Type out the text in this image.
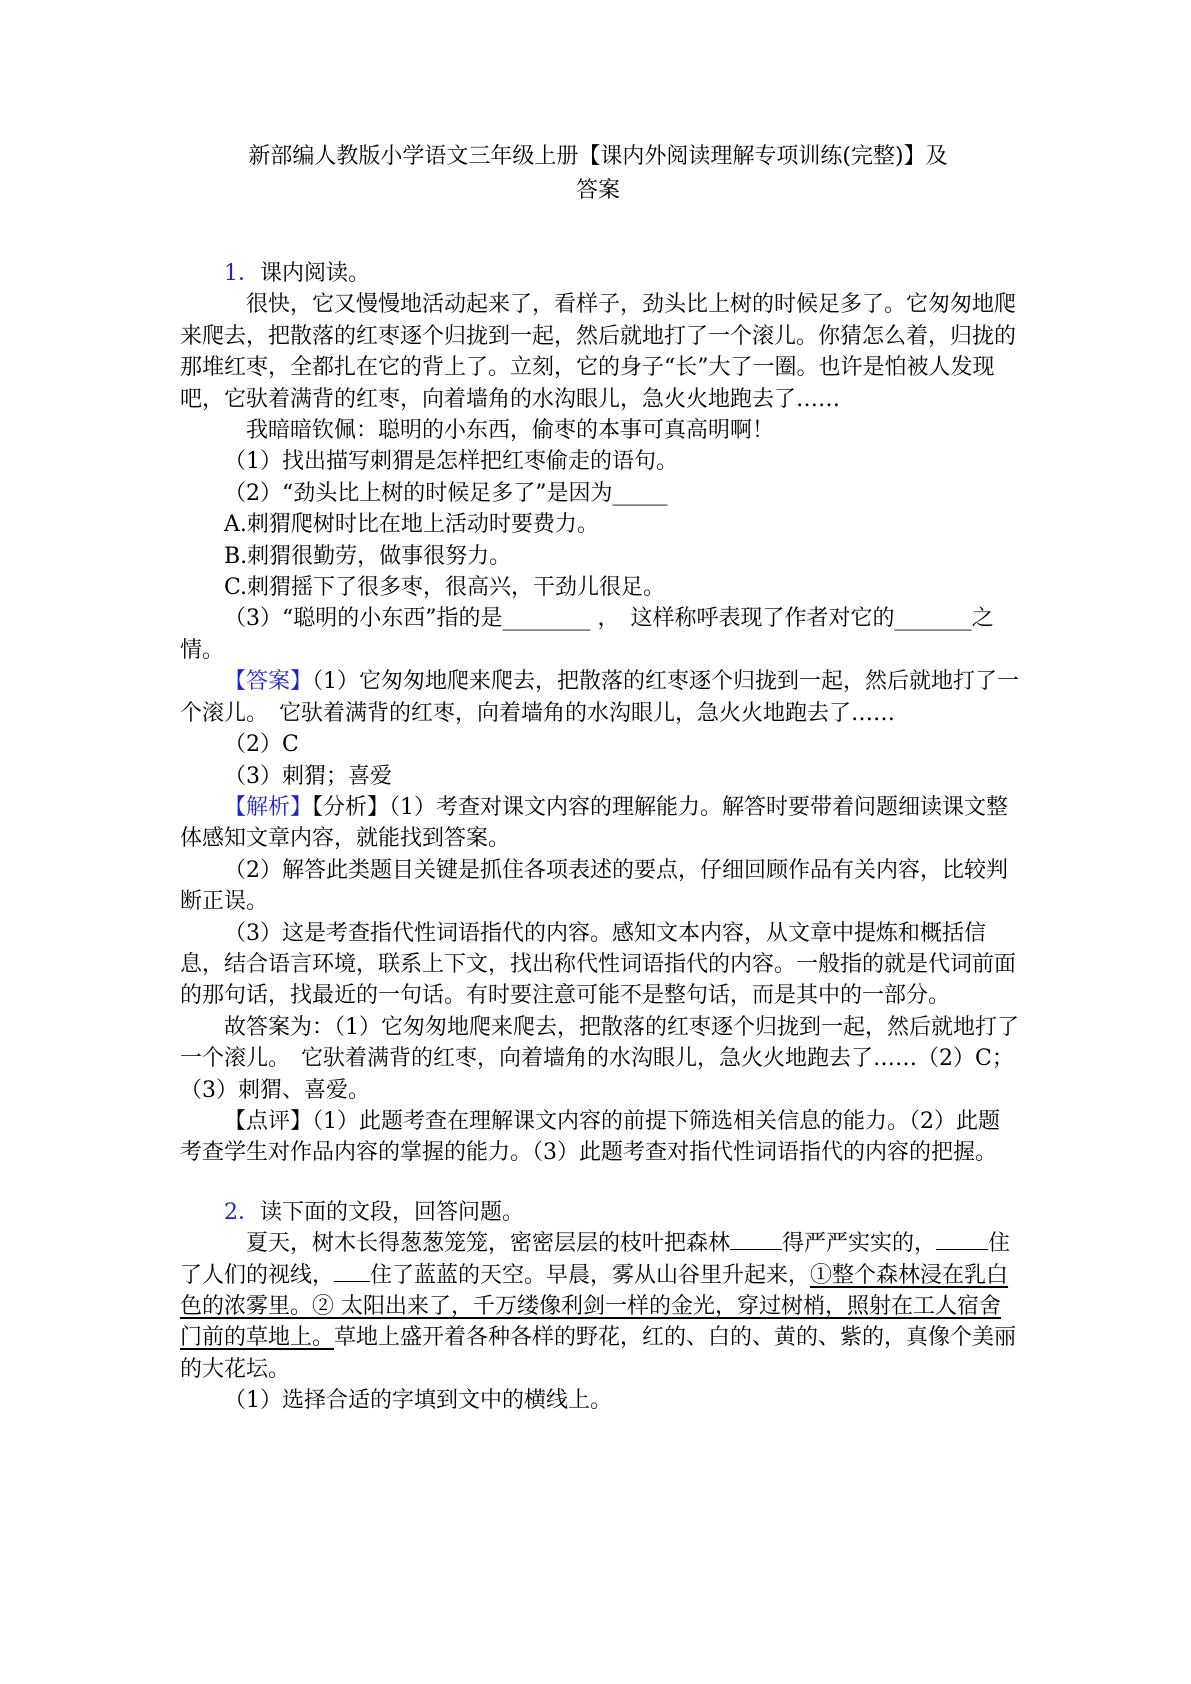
新部编人教版小学语文三年级上册【课内外阅读理解专项训练(完整)】及
答案

1．课内阅读。

很快，它又慢慢地活动起来了，看样子，劲头比上树的时候足多了。它匆匆地爬来爬去，把散落的红枣逐个归拢到一起，然后就地打了一个滚儿。你猜怎么着，归拢的那堆红枣，全都扎在它的背上了。立刻，它的身子“长”大了一圈。也许是怕被人发现吧，它驮着满背的红枣，向着墙角的水沟眼儿，急火火地跑去了……

我暗暗钦佩：聪明的小东西，偷枣的本事可真高明啊！

（1）找出描写刺猬是怎样把红枣偷走的语句。

（2）“劲头比上树的时候足多了”是因为_____

A.刺猬爬树时比在地上活动时要费力。

B.刺猬很勤劳，做事很努力。

C.刺猬摇下了很多枣，很高兴，干劲儿很足。

（3）“聪明的小东西”指的是________ ，　这样称呼表现了作者对它的_______之情。

【答案】（1）它匆匆地爬来爬去，把散落的红枣逐个归拢到一起，然后就地打了一个滚儿。　它驮着满背的红枣，向着墙角的水沟眼儿，急火火地跑去了……

（2）C

（3）刺猬；喜爱

【解析】【分析】（1）考查对课文内容的理解能力。解答时要带着问题细读课文整体感知文章内容，就能找到答案。

（2）解答此类题目关键是抓住各项表述的要点，仔细回顾作品有关内容，比较判断正误。

（3）这是考查指代性词语指代的内容。感知文本内容，从文章中提炼和概括信息，结合语言环境，联系上下文，找出称代性词语指代的内容。一般指的就是代词前面的那句话，找最近的一句话。有时要注意可能不是整句话，而是其中的一部分。

故答案为：（1）它匆匆地爬来爬去，把散落的红枣逐个归拢到一起，然后就地打了一个滚儿。　它驮着满背的红枣，向着墙角的水沟眼儿，急火火地跑去了……（2）C；（3）刺猬、喜爱。

【点评】（1）此题考查在理解课文内容的前提下筛选相关信息的能力。（2）此题考查学生对作品内容的掌握的能力。（3）此题考查对指代性词语指代的内容的把握。

2．读下面的文段，回答问题。

夏天，树木长得葱葱笼笼，密密层层的枝叶把森林 得严严实实的， 住了人们的视线， 住了蓝蓝的天空。早晨，雾从山谷里升起来，①整个森林浸在乳白色的浓雾里。② 太阳出来了，千万缕像利剑一样的金光，穿过树梢，照射在工人宿舍门前的草地上。草地上盛开着各种各样的野花，红的、白的、黄的、紫的，真像个美丽的大花坛。

（1）选择合适的字填到文中的横线上。
